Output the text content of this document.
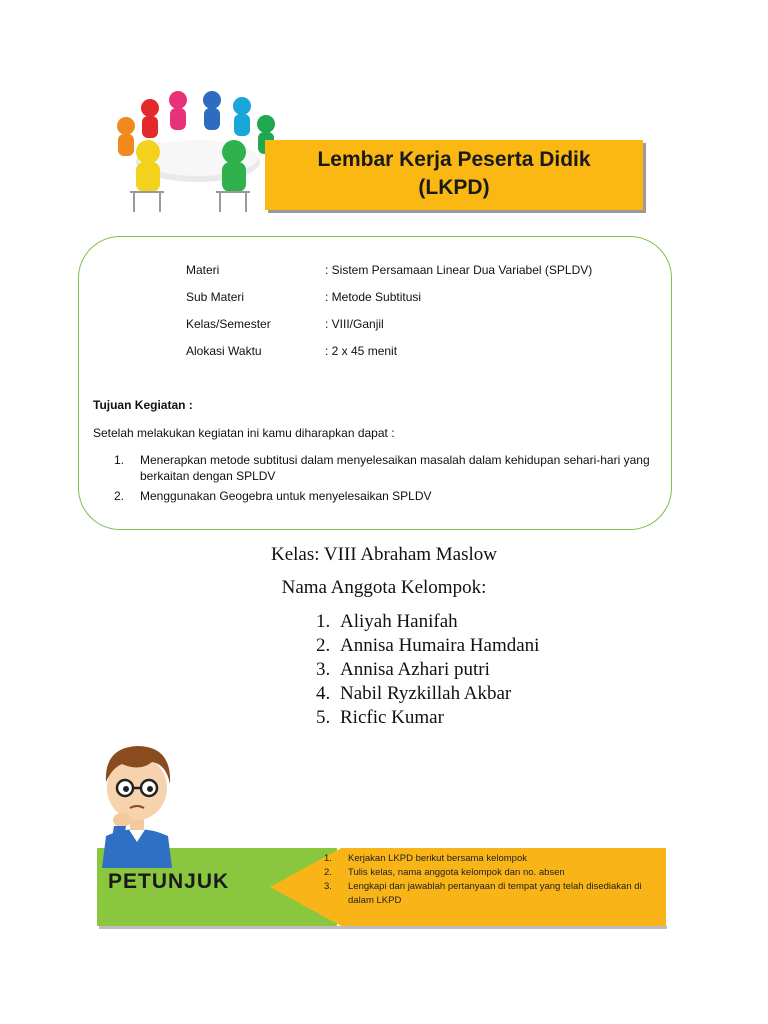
Lembar Kerja Peserta Didik
(LKPD)
Materi	: Sistem Persamaan Linear Dua Variabel (SPLDV)
Sub Materi	: Metode Subtitusi
Kelas/Semester	: VIII/Ganjil
Alokasi Waktu	: 2 x 45 menit
Tujuan Kegiatan :
Setelah melakukan kegiatan ini kamu diharapkan dapat :
1. Menerapkan metode subtitusi dalam menyelesaikan masalah dalam kehidupan sehari-hari yang berkaitan dengan SPLDV
2. Menggunakan Geogebra untuk menyelesaikan SPLDV
Kelas: VIII Abraham Maslow
Nama Anggota Kelompok:
1. Aliyah Hanifah
2. Annisa Humaira Hamdani
3. Annisa Azhari putri
4. Nabil Ryzkillah Akbar
5. Ricfic Kumar
PETUNJUK
1. Kerjakan LKPD berikut bersama kelompok
2. Tulis kelas, nama anggota kelompok dan no. absen
3. Lengkapi dan jawablah pertanyaan di tempat yang telah disediakan di dalam LKPD
